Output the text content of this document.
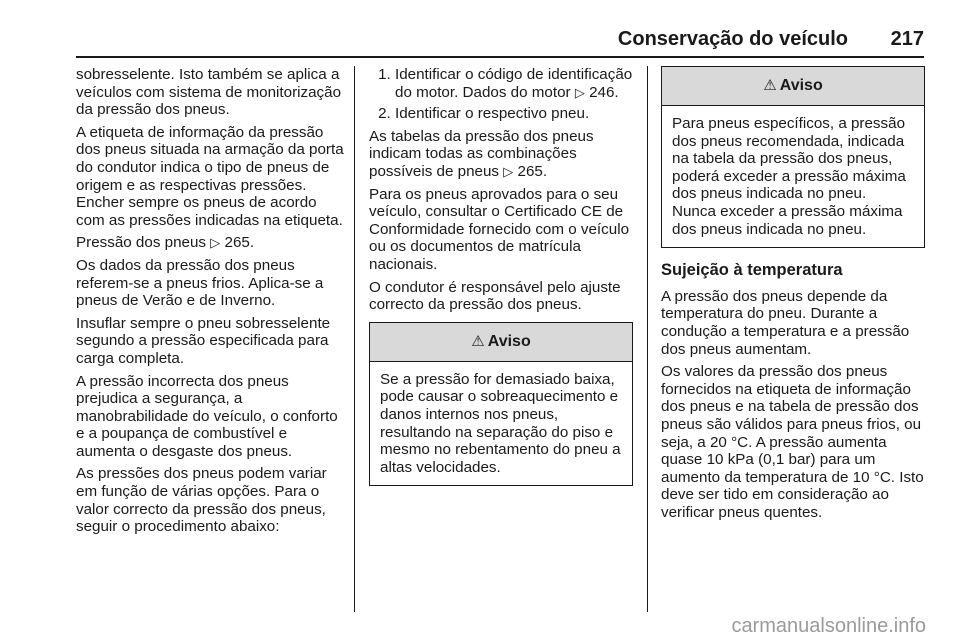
Conservação do veículo 217

sobresselente. Isto também se aplica a veículos com sistema de monitorização da pressão dos pneus.

A etiqueta de informação da pressão dos pneus situada na armação da porta do condutor indica o tipo de pneus de origem e as respectivas pressões. Encher sempre os pneus de acordo com as pressões indicadas na etiqueta.

Pressão dos pneus ▷ 265.

Os dados da pressão dos pneus referem-se a pneus frios. Aplica-se a pneus de Verão e de Inverno.

Insuflar sempre o pneu sobresselente segundo a pressão especificada para carga completa.

A pressão incorrecta dos pneus prejudica a segurança, a manobrabilidade do veículo, o conforto e a poupança de combustível e aumenta o desgaste dos pneus.

As pressões dos pneus podem variar em função de várias opções. Para o valor correcto da pressão dos pneus, seguir o procedimento abaixo:

1. Identificar o código de identificação do motor. Dados do motor ▷ 246.
2. Identificar o respectivo pneu.

As tabelas da pressão dos pneus indicam todas as combinações possíveis de pneus ▷ 265.

Para os pneus aprovados para o seu veículo, consultar o Certificado CE de Conformidade fornecido com o veículo ou os documentos de matrícula nacionais.

O condutor é responsável pelo ajuste correcto da pressão dos pneus.

⚠ Aviso

Se a pressão for demasiado baixa, pode causar o sobreaquecimento e danos internos nos pneus, resultando na separação do piso e mesmo no rebentamento do pneu a altas velocidades.

⚠ Aviso

Para pneus específicos, a pressão dos pneus recomendada, indicada na tabela da pressão dos pneus, poderá exceder a pressão máxima dos pneus indicada no pneu. Nunca exceder a pressão máxima dos pneus indicada no pneu.

Sujeição à temperatura

A pressão dos pneus depende da temperatura do pneu. Durante a condução a temperatura e a pressão dos pneus aumentam.

Os valores da pressão dos pneus fornecidos na etiqueta de informação dos pneus e na tabela de pressão dos pneus são válidos para pneus frios, ou seja, a 20 °C. A pressão aumenta quase 10 kPa (0,1 bar) para um aumento da temperatura de 10 °C. Isto deve ser tido em consideração ao verificar pneus quentes.

carmanualsonline.info
